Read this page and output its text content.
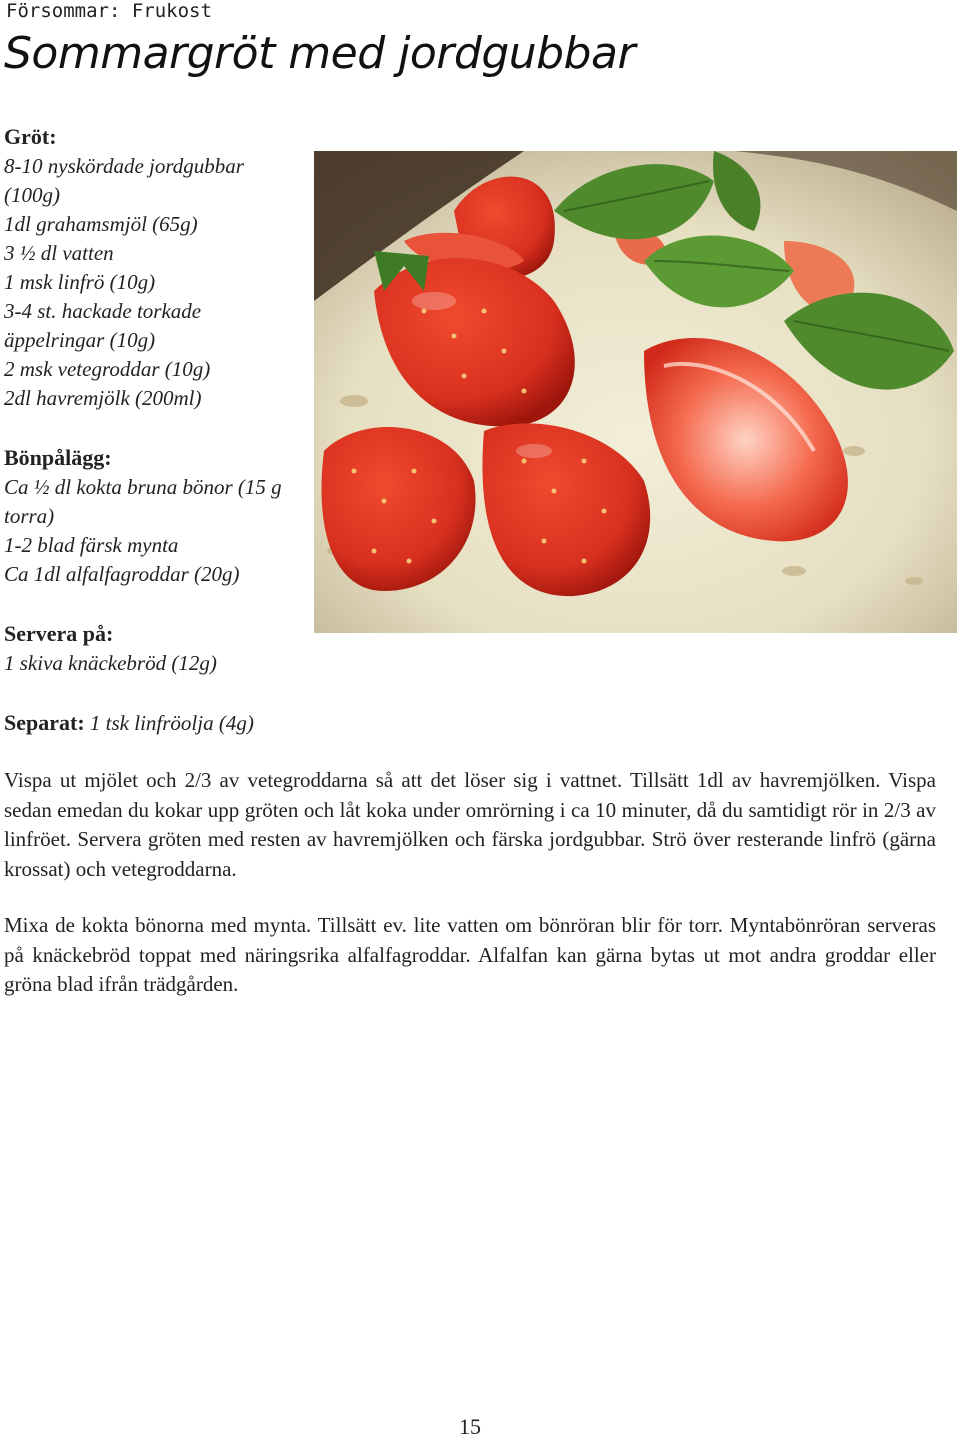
Försommar: Frukost
Sommargröt med jordgubbar
Gröt:
8-10 nyskördade jordgubbar (100g)
1dl grahamsmjöl (65g)
3 ½ dl vatten
1 msk linfrö (10g)
3-4 st. hackade torkade äppelringar (10g)
2 msk vetegroddar (10g)
2dl havremjölk (200ml)
Bönpålägg:
Ca ½ dl kokta bruna bönor (15 g torra)
1-2 blad färsk mynta
Ca 1dl alfalfagroddar (20g)
Servera på:
1 skiva knäckebröd (12g)
Separat: 1 tsk linfröolja (4g)

Vispa ut mjölet och 2/3 av vetegroddarna så att det löser sig i vattnet. Tillsätt 1dl av havremjölken. Vispa sedan emedan du kokar upp gröten och låt koka under omrörning i ca 10 minuter, då du samtidigt rör in 2/3 av linfröet. Servera gröten med resten av havremjölken och färska jordgubbar. Strö över resterande linfrö (gärna krossat) och vetegroddarna.

Mixa de kokta bönorna med mynta. Tillsätt ev. lite vatten om bönröran blir för torr. Myntabönröran serveras på knäckebröd toppat med näringsrika alfalfagroddar. Alfalfan kan gärna bytas ut mot andra groddar eller gröna blad ifrån trädgården.

15
